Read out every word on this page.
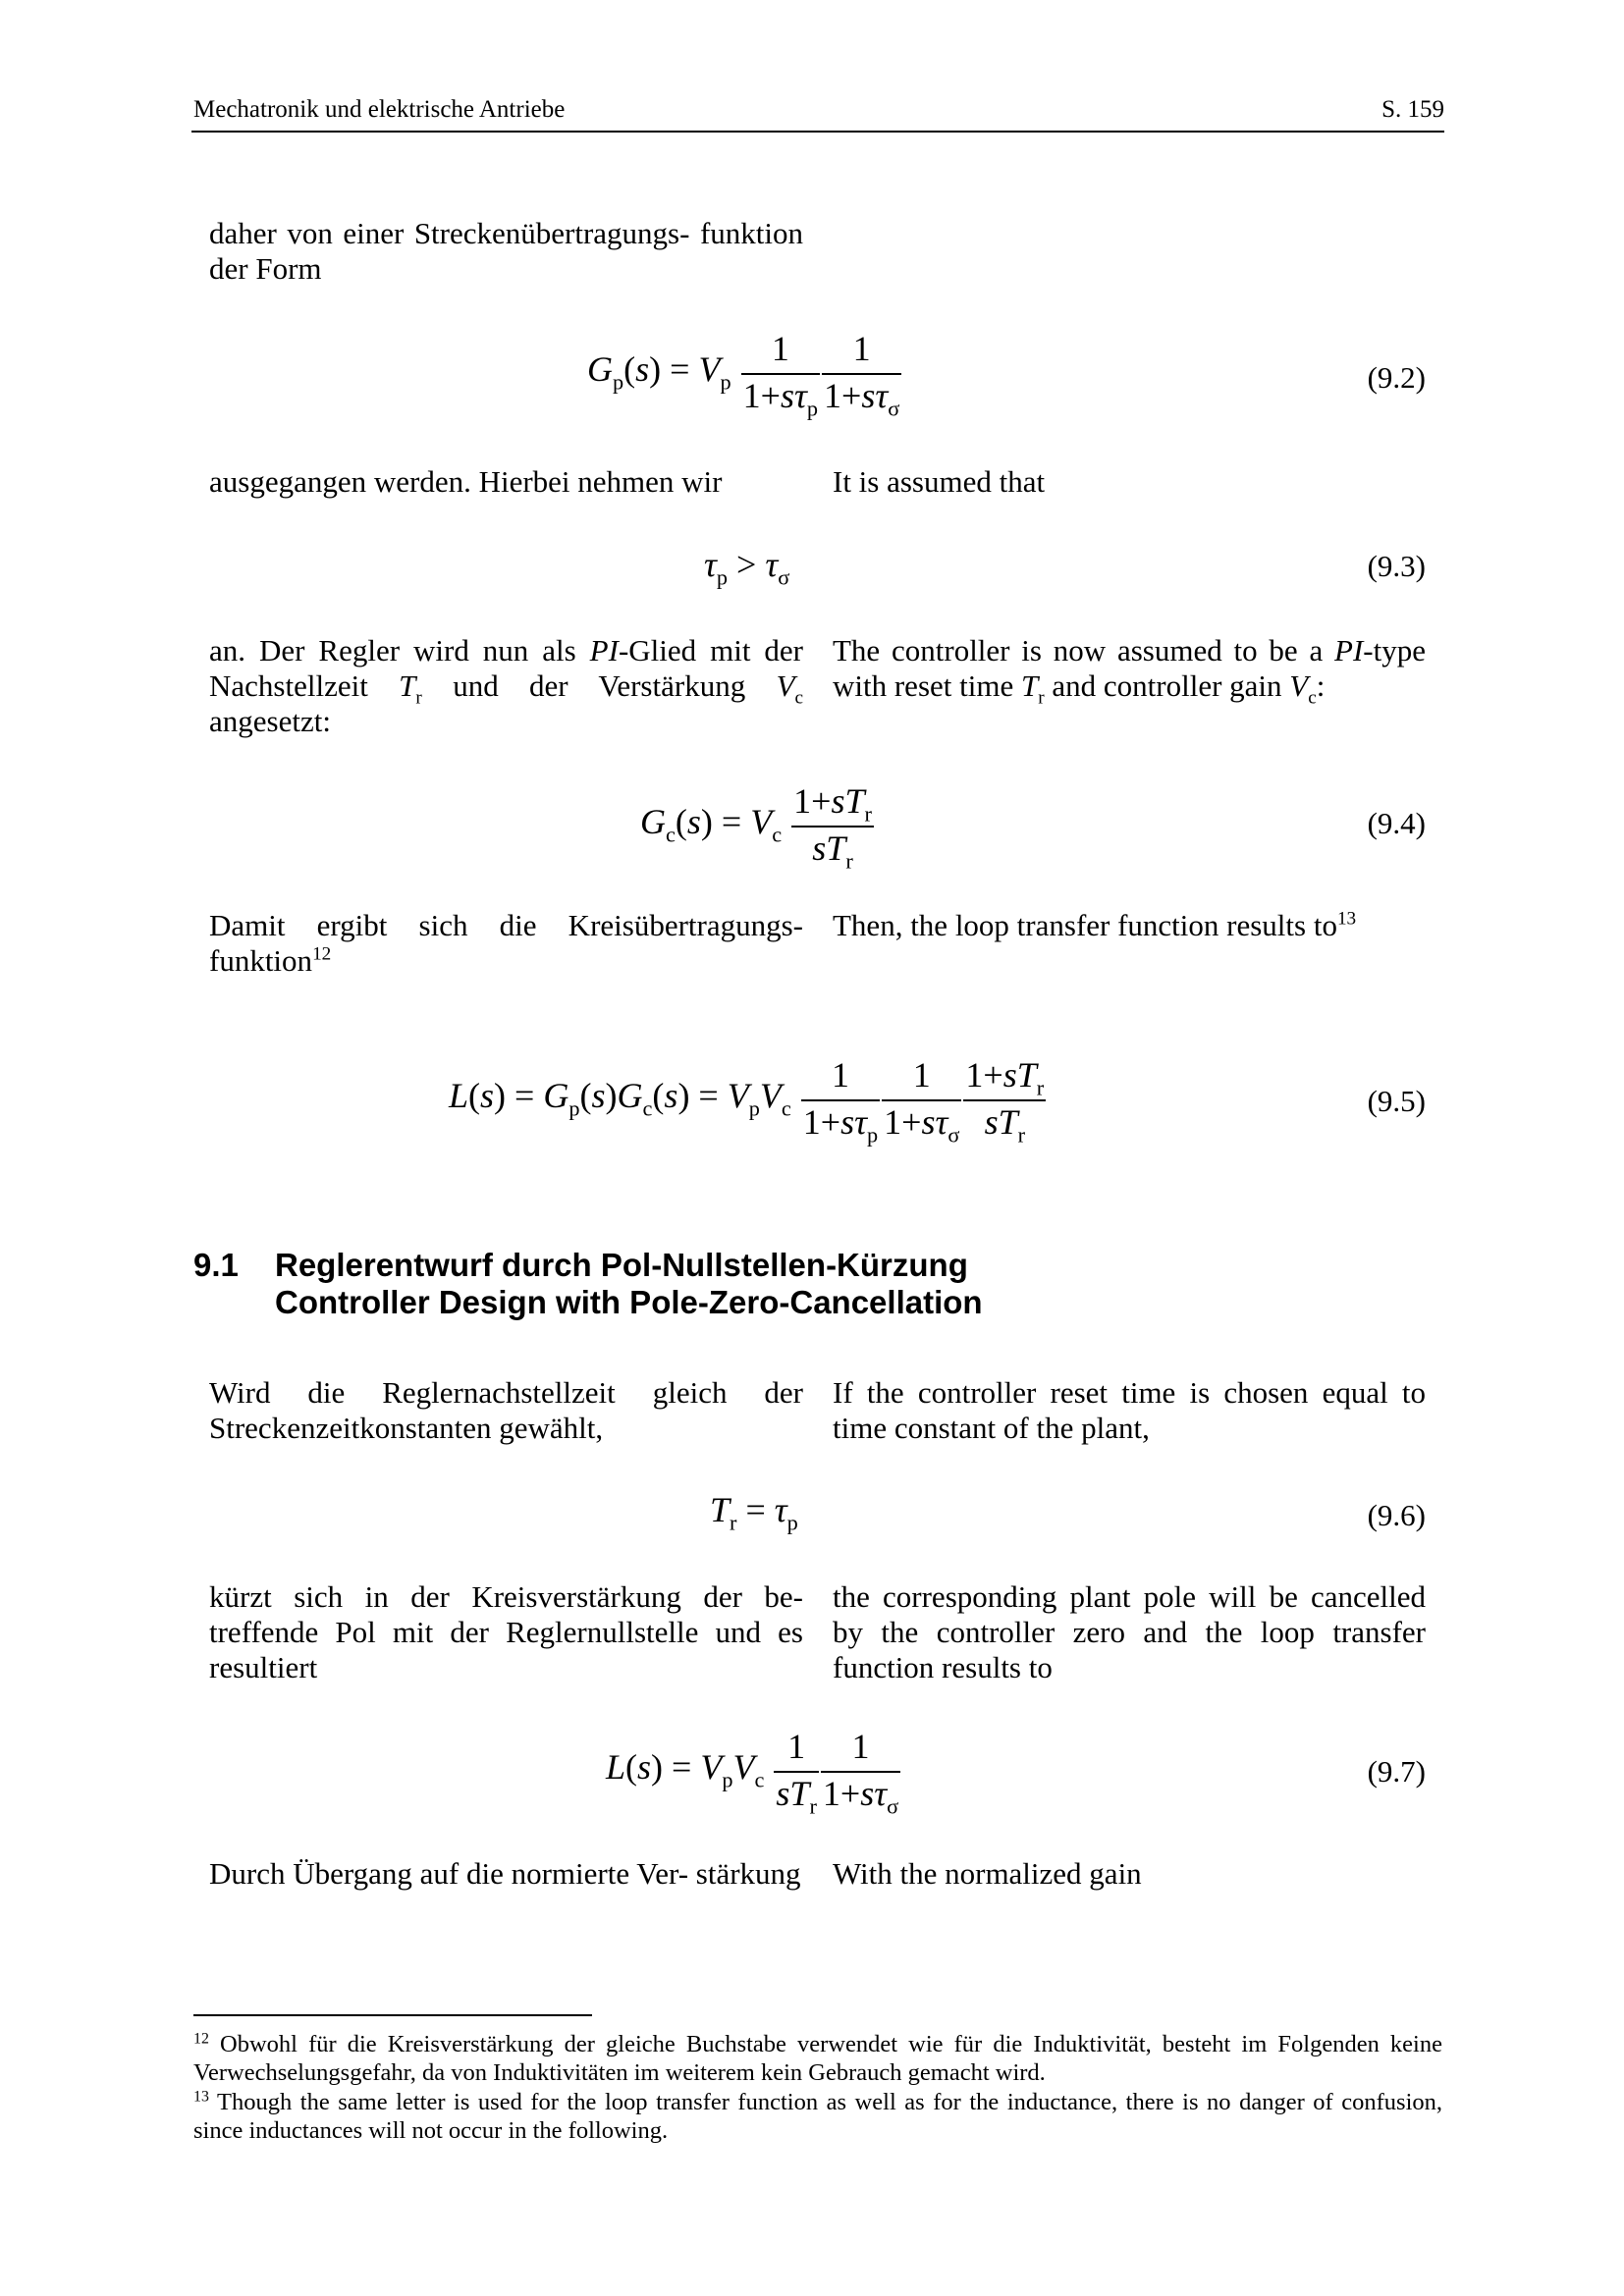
Mechatronik und elektrische Antriebe	S. 159
daher von einer Streckenübertragungs- funktion der Form
$G_p(s) = V_p \frac{1}{1+s\tau_p} \frac{1}{1+s\tau_\sigma}$	(9.2)
ausgegangen werden. Hierbei nehmen wir	It is assumed that
$\tau_p > \tau_\sigma$	(9.3)
an. Der Regler wird nun als PI-Glied mit der Nachstellzeit $T_r$ und der Verstärkung $V_c$ angesetzt:
The controller is now assumed to be a PI-type with reset time $T_r$ and controller gain $V_c$:
$G_c(s) = V_c \frac{1+sT_r}{sT_r}$	(9.4)
Damit ergibt sich die Kreisübertragungs- funktion$^{12}$
Then, the loop transfer function results $to^{13}$
$L(s) = G_p(s)G_c(s) = V_pV_c \frac{1}{1+s\tau_p} \frac{1}{1+s\tau_\sigma} \frac{1+sT_r}{sT_r}$	(9.5)
9.1 Reglerentwurf durch Pol-Nullstellen-Kürzung
Controller Design with Pole-Zero-Cancellation
Wird die Reglernachstellzeit gleich der Streckenzeitkonstanten gewählt,
If the controller reset time is chosen equal to time constant of the plant,
$T_r = \tau_p$	(9.6)
kürzt sich in der Kreisverstärkung der be- treffende Pol mit der Reglernullstelle und es resultiert
the corresponding plant pole will be cancelled by the controller zero and the loop transfer function results to
$L(s) = V_pV_c \frac{1}{sT_r} \frac{1}{1+s\tau_\sigma}$	(9.7)
Durch Übergang auf die normierte Ver- stärkung With the normalized gain
$^{12}$ Obwohl für die Kreisverstärkung der gleiche Buchstabe verwendet wie für die Induktivität, besteht im Folgenden keine Verwechselungsgefahr, da von Induktivitäten im weiterem kein Gebrauch gemacht wird.
$^{13}$ Though the same letter is used for the loop transfer function as well as for the inductance, there is no danger of confusion, since inductances will not occur in the following.
